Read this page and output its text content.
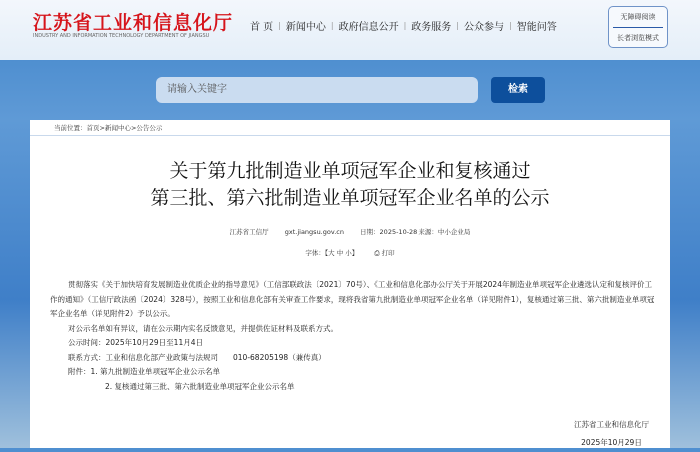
江苏省工业和信息化厅
INDUSTRY AND INFORMATION TECHNOLOGY DEPARTMENT OF JIANGSU
首 页 | 新闻中心 | 政府信息公开 | 政务服务 | 公众参与 | 智能问答
无障碍阅读
长者浏览模式
请输入关键字	检索
当前位置：首页>新闻中心>公告公示
关于第九批制造业单项冠军企业和复核通过
第三批、第六批制造业单项冠军企业名单的公示
江苏省工信厅 gxt.jiangsu.gov.cn 日期：2025-10-28来源：中小企业局
字体：【大 中 小】 ⎙ 打印

贯彻落实《关于加快培育发展制造业优质企业的指导意见》（工信部联政法〔2021〕70号）、《工业和信息化部办公厅关于开展2024年制造业单项冠军企业遴选认定和复核评价工作的通知》（工信厅政法函〔2024〕328号），按照工业和信息化部有关审查工作要求，现将我省第九批制造业单项冠军企业名单（详见附件1），复核通过第三批、第六批制造业单项冠军企业名单（详见附件2）予以公示。

对公示名单如有异议，请在公示期内实名反馈意见，并提供佐证材料及联系方式。

公示时间：2025年10月29日至11月4日

联系方式：工业和信息化部产业政策与法规司　　010-68205198（兼传真）

附件：1. 第九批制造业单项冠军企业公示名单

2. 复核通过第三批、第六批制造业单项冠军企业公示名单
江苏省工业和信息化厅
2025年10月29日
